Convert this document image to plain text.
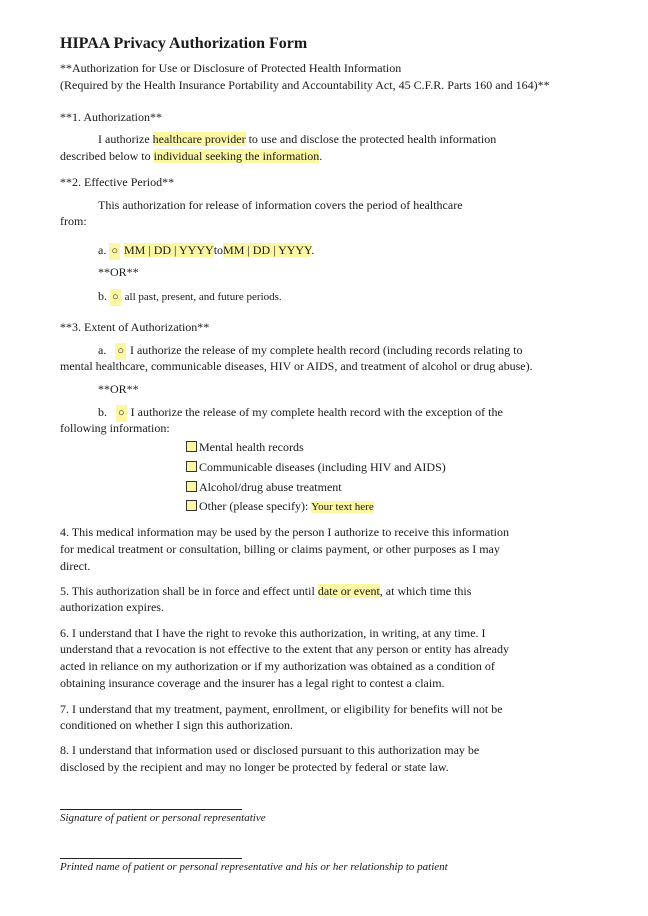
HIPAA Privacy Authorization Form
**Authorization for Use or Disclosure of Protected Health Information
(Required by the Health Insurance Portability and Accountability Act, 45 C.F.R. Parts 160 and 164)**
**1. Authorization**
I authorize healthcare provider to use and disclose the protected health information
described below to individual seeking the information.
**2. Effective Period**
This authorization for release of information covers the period of healthcare
from:
a. ○ MM | DD | YYYYtoMM | DD | YYYY.
**OR**
b. ○ all past, present, and future periods.
**3. Extent of Authorization**
a. ○ I authorize the release of my complete health record (including records relating to
mental healthcare, communicable diseases, HIV or AIDS, and treatment of alcohol or drug abuse).
**OR**
b. ○ I authorize the release of my complete health record with the exception of the
following information:
Mental health records
Communicable diseases (including HIV and AIDS)
Alcohol/drug abuse treatment
Other (please specify): Your text here
4. This medical information may be used by the person I authorize to receive this information
for medical treatment or consultation, billing or claims payment, or other purposes as I may
direct.
5. This authorization shall be in force and effect until date or event, at which time this
authorization expires.
6. I understand that I have the right to revoke this authorization, in writing, at any time. I
understand that a revocation is not effective to the extent that any person or entity has already
acted in reliance on my authorization or if my authorization was obtained as a condition of
obtaining insurance coverage and the insurer has a legal right to contest a claim.
7. I understand that my treatment, payment, enrollment, or eligibility for benefits will not be
conditioned on whether I sign this authorization.
8. I understand that information used or disclosed pursuant to this authorization may be
disclosed by the recipient and may no longer be protected by federal or state law.
Signature of patient or personal representative
Printed name of patient or personal representative and his or her relationship to patient
